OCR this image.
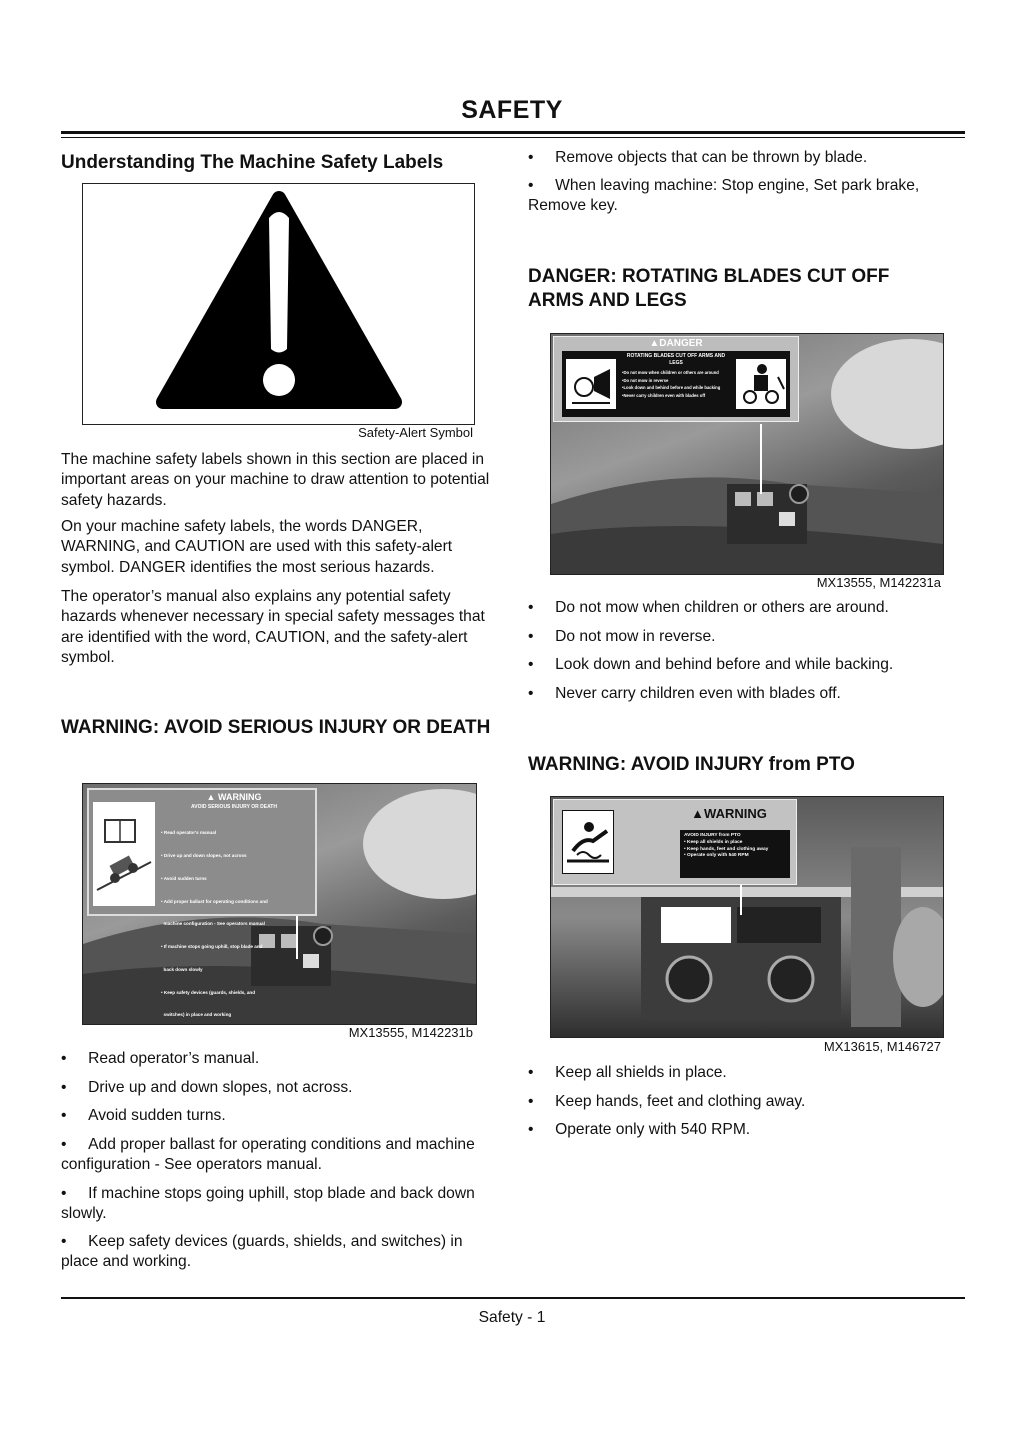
SAFETY
Understanding The Machine Safety Labels
Safety-Alert Symbol
The machine safety labels shown in this section are placed in important areas on your machine to draw attention to potential safety hazards.
On your machine safety labels, the words DANGER, WARNING, and CAUTION are used with this safety-alert symbol. DANGER identifies the most serious hazards.
The operator’s manual also explains any potential safety hazards whenever necessary in special safety messages that are identified with the word, CAUTION, and the safety-alert symbol.
WARNING: AVOID SERIOUS INJURY OR DEATH
▲ WARNING
AVOID SERIOUS INJURY OR DEATH

• Read operator's manual

• Drive up and down slopes, not across

• Avoid sudden turns

• Add proper ballast for operating conditions and

machine configuration - See operators manual

• If machine stops going uphill, stop blade and

back down slowly

• Keep safety devices (guards, shields, and

switches) in place and working

MX13555, M142231b
•     Read operator’s manual.
•     Drive up and down slopes, not across.
•     Avoid sudden turns.
•     Add proper ballast for operating conditions and machine configuration - See operators manual.
•     If machine stops going uphill, stop blade and back down slowly.
•     Keep safety devices (guards, shields, and switches) in place and working.
•     Remove objects that can be thrown by blade.
•     When leaving machine: Stop engine, Set park brake, Remove key.
DANGER: ROTATING BLADES CUT OFF ARMS AND LEGS
ROTATING BLADES CUT OFF ARMS AND LEGS
•Do not mow when children or others are around
•Do not mow in reverse
•Look down and behind before and while backing
•Never carry children even with blades off
▲DANGER
MX13555, M142231a
•     Do not mow when children or others are around.
•     Do not mow in reverse.
•     Look down and behind before and while backing.
•     Never carry children even with blades off.
WARNING: AVOID INJURY from PTO
▲WARNING
AVOID INJURY from PTO
• Keep all shields in place
• Keep hands, feet and clothing away
• Operate only with 540 RPM
MX13615, M146727
•     Keep all shields in place.
•     Keep hands, feet and clothing away.
•     Operate only with 540 RPM.
Safety - 1
